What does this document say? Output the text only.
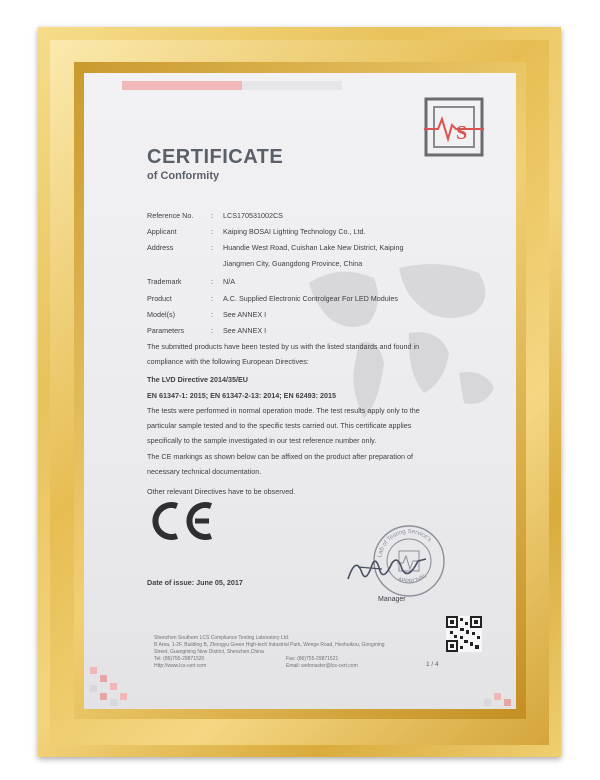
S
CERTIFICATE
of Conformity
Reference No.	: LCS170531002CS
Applicant	: Kaiping BOSAI Lighting Technology Co., Ltd.
Address	: Huandie West Road, Cuishan Lake New District, Kaiping
Jiangmen City, Guangdong Province, China
Trademark	: N/A
Product	: A.C. Supplied Electronic Controlgear For LED Modules
Model(s)	: See ANNEX I
Parameters	: See ANNEX I
The submitted products have been tested by us with the listed standards and found in compliance with the following European Directives:
The LVD Directive 2014/35/EU
EN 61347-1: 2015; EN 61347-2-13: 2014; EN 62493: 2015
The tests were performed in normal operation mode. The test results apply only to the particular sample tested and to the specific tests carried out. This certificate applies specifically to the sample investigated in our test reference number only.
The CE markings as shown below can be affixed on the product after preparation of necessary technical documentation.
Other relevant Directives have to be observed.
Lab of Testing Service's
APPROVAL
Manager
Date of issue: June 05, 2017
Shenzhen Southern LCS Compliance Testing Laboratory Ltd.
B Area, 1-2F, Building B, Zhongyu Green High-tech Industrial Park, Wenge Road, Heshuikou, Gongming
Street, Guangming New District, Shenzhen,China
Tel: (86)755-29871520	Fax: (86)755-29871521
Http://www.lcs-cert.com	Email: webmaster@lcs-cert.com	1 / 4
